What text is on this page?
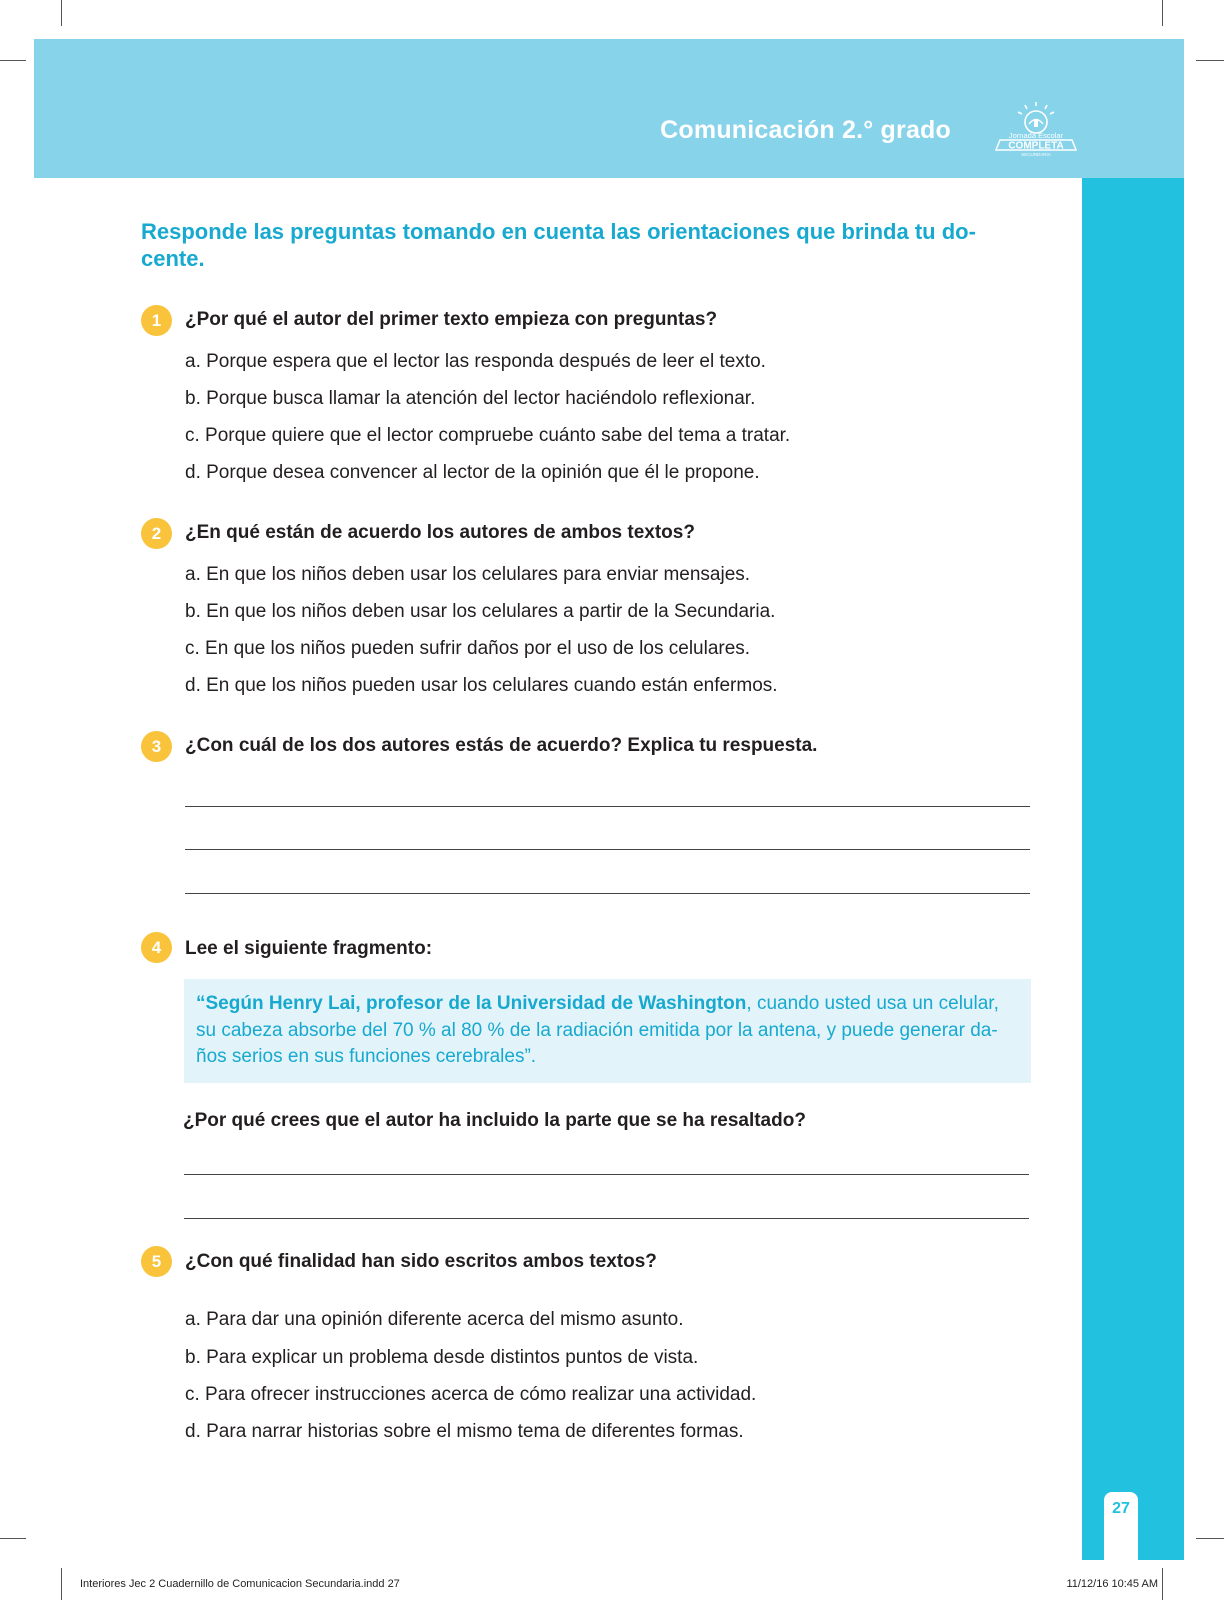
Comunicación 2.° grado	Jornada Escolar
COMPLETA
SECUNDARIA
27
Responde las preguntas tomando en cuenta las orientaciones que brinda tu do-
cente.
1	¿Por qué el autor del primer texto empieza con preguntas?
a. Porque espera que el lector las responda después de leer el texto.
b. Porque busca llamar la atención del lector haciéndolo reflexionar.
c. Porque quiere que el lector compruebe cuánto sabe del tema a tratar.
d. Porque desea convencer al lector de la opinión que él le propone.
2	¿En qué están de acuerdo los autores de ambos textos?
a. En que los niños deben usar los celulares para enviar mensajes.
b. En que los niños deben usar los celulares a partir de la Secundaria.
c. En que los niños pueden sufrir daños por el uso de los celulares.
d. En que los niños pueden usar los celulares cuando están enfermos.
3	¿Con cuál de los dos autores estás de acuerdo? Explica tu respuesta.
4	Lee el siguiente fragmento:
“Según Henry Lai, profesor de la Universidad de Washington, cuando usted usa un celular, su cabeza absorbe del 70 % al 80 % de la radiación emitida por la antena, y puede generar da-ños serios en sus funciones cerebrales”.
¿Por qué crees que el autor ha incluido la parte que se ha resaltado?
5	¿Con qué finalidad han sido escritos ambos textos?
a. Para dar una opinión diferente acerca del mismo asunto.
b. Para explicar un problema desde distintos puntos de vista.
c. Para ofrecer instrucciones acerca de cómo realizar una actividad.
d. Para narrar historias sobre el mismo tema de diferentes formas.
Interiores Jec 2 Cuadernillo de Comunicacion Secundaria.indd 27	11/12/16 10:45 AM
